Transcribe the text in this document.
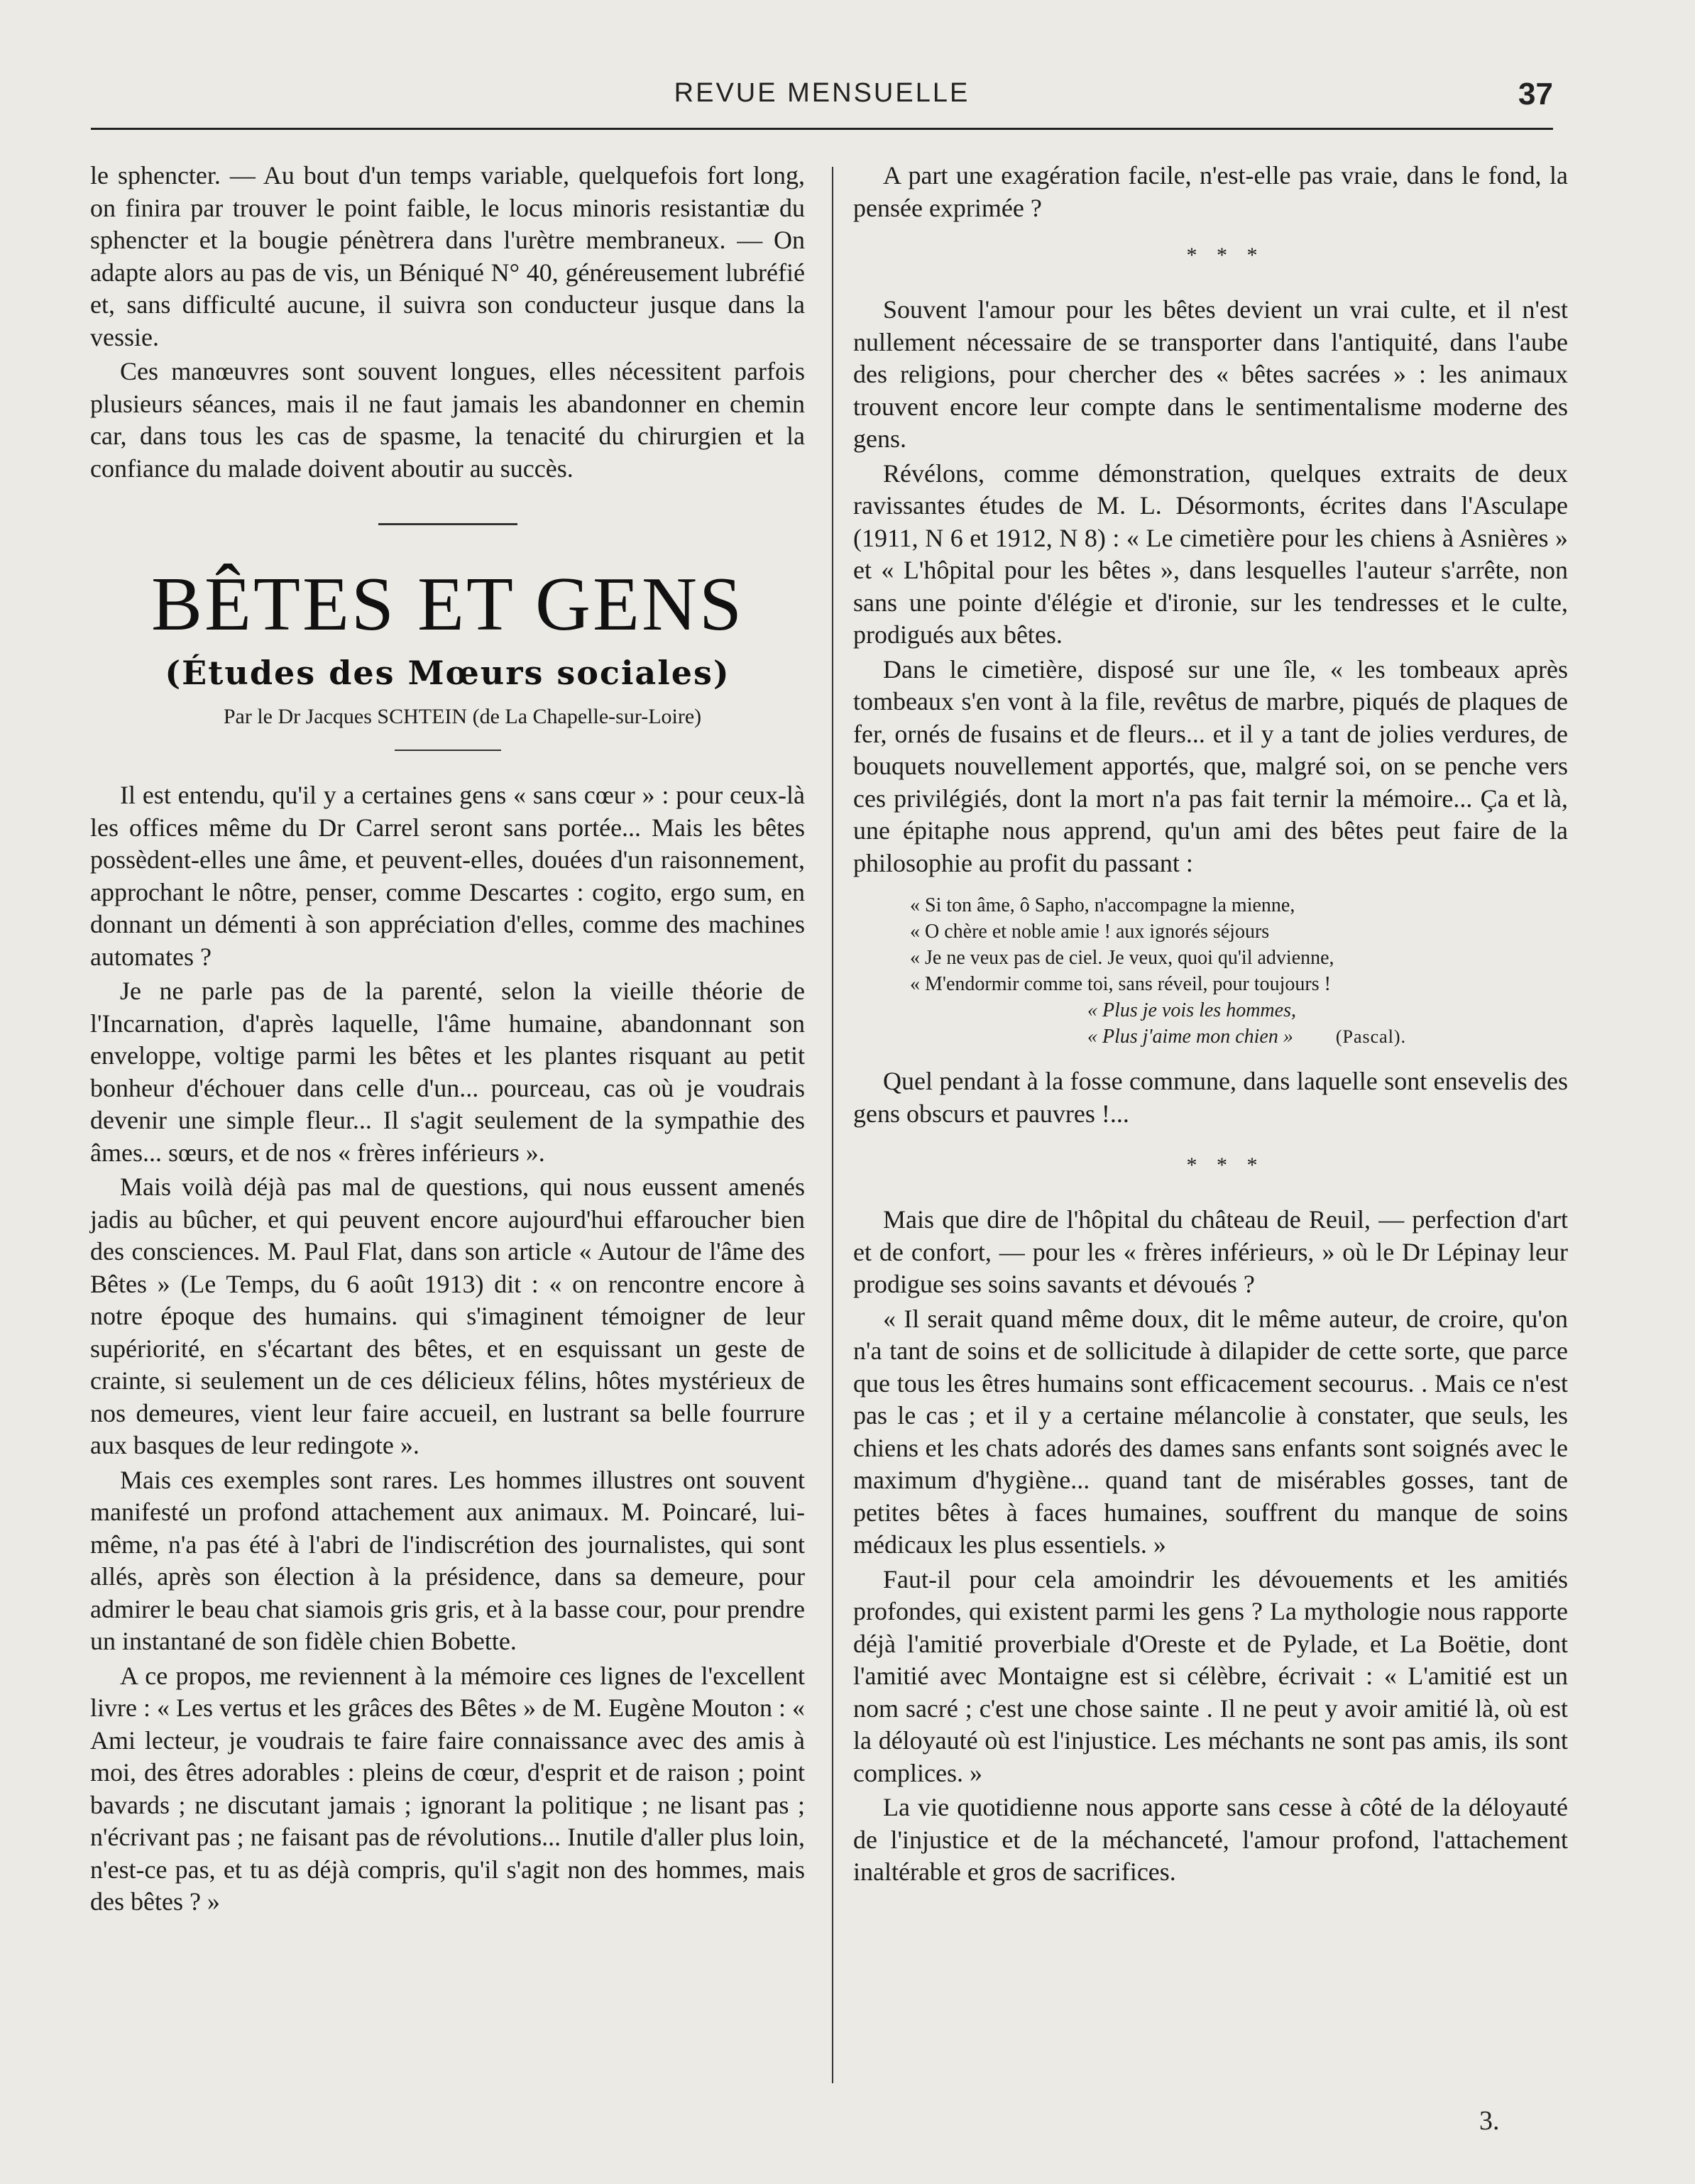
REVUE MENSUELLE	37

le sphencter. — Au bout d'un temps variable, quelquefois fort long, on finira par trouver le point faible, le locus minoris resistantiæ du sphencter et la bougie pénètrera dans l'urètre membraneux. — On adapte alors au pas de vis, un Béniqué N° 40, généreusement lubréfié et, sans difficulté aucune, il suivra son conducteur jusque dans la vessie.

Ces manœuvres sont souvent longues, elles nécessitent parfois plusieurs séances, mais il ne faut jamais les abandonner en chemin car, dans tous les cas de spasme, la tenacité du chirurgien et la confiance du malade doivent aboutir au succès.

BÊTES ET GENS
(Études des Mœurs sociales)

Par le Dr Jacques SCHTEIN (de La Chapelle-sur-Loire)

Il est entendu, qu'il y a certaines gens « sans cœur » : pour ceux-là les offices même du Dr Carrel seront sans portée... Mais les bêtes possèdent-elles une âme, et peuvent-elles, douées d'un raisonnement, approchant le nôtre, penser, comme Descartes : cogito, ergo sum, en donnant un démenti à son appréciation d'elles, comme des machines automates ?

Je ne parle pas de la parenté, selon la vieille théorie de l'Incarnation, d'après laquelle, l'âme humaine, abandonnant son enveloppe, voltige parmi les bêtes et les plantes risquant au petit bonheur d'échouer dans celle d'un... pourceau, cas où je voudrais devenir une simple fleur... Il s'agit seulement de la sympathie des âmes... sœurs, et de nos « frères inférieurs ».

Mais voilà déjà pas mal de questions, qui nous eussent amenés jadis au bûcher, et qui peuvent encore aujourd'hui effaroucher bien des consciences. M. Paul Flat, dans son article « Autour de l'âme des Bêtes » (Le Temps, du 6 août 1913) dit : « on rencontre encore à notre époque des humains. qui s'imaginent témoigner de leur supériorité, en s'écartant des bêtes, et en esquissant un geste de crainte, si seulement un de ces délicieux félins, hôtes mystérieux de nos demeures, vient leur faire accueil, en lustrant sa belle fourrure aux basques de leur redingote ».

Mais ces exemples sont rares. Les hommes illustres ont souvent manifesté un profond attachement aux animaux. M. Poincaré, lui-même, n'a pas été à l'abri de l'indiscrétion des journalistes, qui sont allés, après son élection à la présidence, dans sa demeure, pour admirer le beau chat siamois gris gris, et à la basse cour, pour prendre un instantané de son fidèle chien Bobette.

A ce propos, me reviennent à la mémoire ces lignes de l'excellent livre : « Les vertus et les grâces des Bêtes » de M. Eugène Mouton : « Ami lecteur, je voudrais te faire faire connaissance avec des amis à moi, des êtres adorables : pleins de cœur, d'esprit et de raison ; point bavards ; ne discutant jamais ; ignorant la politique ; ne lisant pas ; n'écrivant pas ; ne faisant pas de révolutions... Inutile d'aller plus loin, n'est-ce pas, et tu as déjà compris, qu'il s'agit non des hommes, mais des bêtes ? »

A part une exagération facile, n'est-elle pas vraie, dans le fond, la pensée exprimée ?

* * *

Souvent l'amour pour les bêtes devient un vrai culte, et il n'est nullement nécessaire de se transporter dans l'antiquité, dans l'aube des religions, pour chercher des « bêtes sacrées » : les animaux trouvent encore leur compte dans le sentimentalisme moderne des gens.

Révélons, comme démonstration, quelques extraits de deux ravissantes études de M. L. Désormonts, écrites dans l'Asculape (1911, N 6 et 1912, N 8) : « Le cimetière pour les chiens à Asnières » et « L'hôpital pour les bêtes », dans lesquelles l'auteur s'arrête, non sans une pointe d'élégie et d'ironie, sur les tendresses et le culte, prodigués aux bêtes.

Dans le cimetière, disposé sur une île, « les tombeaux après tombeaux s'en vont à la file, revêtus de marbre, piqués de plaques de fer, ornés de fusains et de fleurs... et il y a tant de jolies verdures, de bouquets nouvellement apportés, que, malgré soi, on se penche vers ces privilégiés, dont la mort n'a pas fait ternir la mémoire... Ça et là, une épitaphe nous apprend, qu'un ami des bêtes peut faire de la philosophie au profit du passant :

« Si ton âme, ô Sapho, n'accompagne la mienne,
« O chère et noble amie ! aux ignorés séjours
« Je ne veux pas de ciel. Je veux, quoi qu'il advienne,
« M'endormir comme toi, sans réveil, pour toujours !
« Plus je vois les hommes,
« Plus j'aime mon chien » (Pascal).

Quel pendant à la fosse commune, dans laquelle sont ensevelis des gens obscurs et pauvres !...

* * *

Mais que dire de l'hôpital du château de Reuil, — perfection d'art et de confort, — pour les « frères inférieurs, » où le Dr Lépinay leur prodigue ses soins savants et dévoués ?

« Il serait quand même doux, dit le même auteur, de croire, qu'on n'a tant de soins et de sollicitude à dilapider de cette sorte, que parce que tous les êtres humains sont efficacement secourus. . Mais ce n'est pas le cas ; et il y a certaine mélancolie à constater, que seuls, les chiens et les chats adorés des dames sans enfants sont soignés avec le maximum d'hygiène... quand tant de misérables gosses, tant de petites bêtes à faces humaines, souffrent du manque de soins médicaux les plus essentiels. »

Faut-il pour cela amoindrir les dévouements et les amitiés profondes, qui existent parmi les gens ? La mythologie nous rapporte déjà l'amitié proverbiale d'Oreste et de Pylade, et La Boëtie, dont l'amitié avec Montaigne est si célèbre, écrivait : « L'amitié est un nom sacré ; c'est une chose sainte . Il ne peut y avoir amitié là, où est la déloyauté où est l'injustice. Les méchants ne sont pas amis, ils sont complices. »

La vie quotidienne nous apporte sans cesse à côté de la déloyauté de l'injustice et de la méchanceté, l'amour profond, l'attachement inaltérable et gros de sacrifices.

3.
